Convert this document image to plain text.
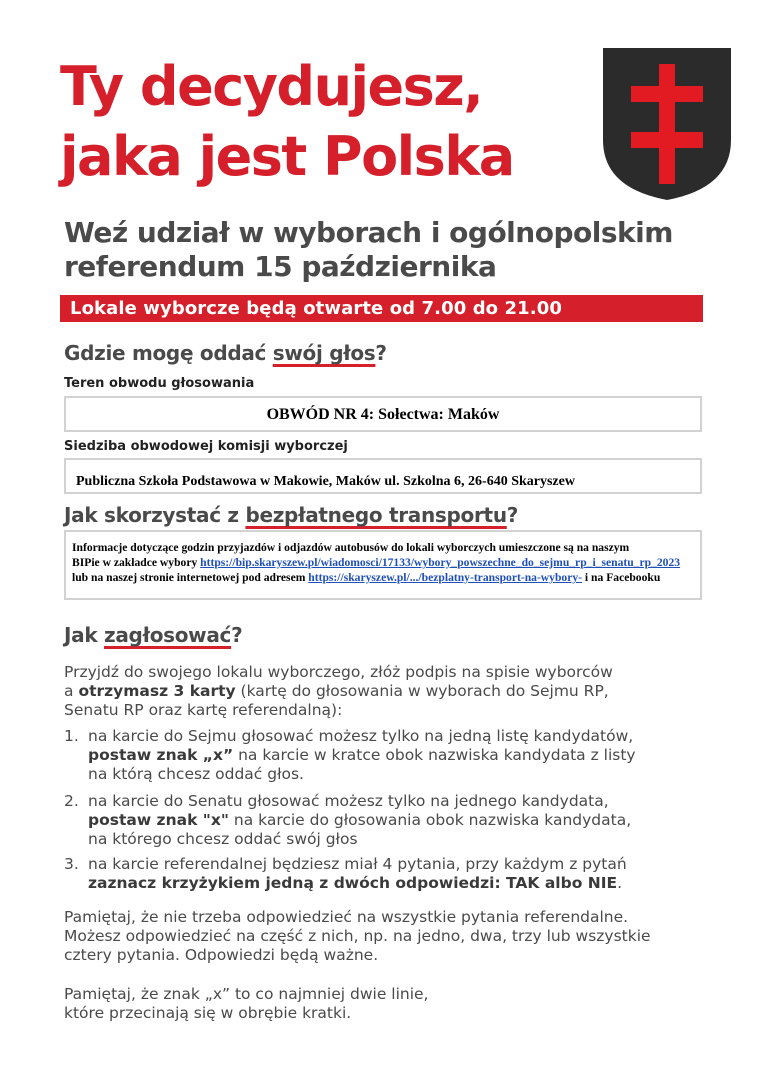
Ty decydujesz,
jaka jest Polska
Weź udział w wyborach i ogólnopolskim
referendum 15 października
Lokale wyborcze będą otwarte od 7.00 do 21.00
Gdzie mogę oddać swój głos?
Teren obwodu głosowania
OBWÓD NR 4: Sołectwa: Maków
Siedziba obwodowej komisji wyborczej
Publiczna Szkoła Podstawowa w Makowie, Maków ul. Szkolna 6, 26-640 Skaryszew
Jak skorzystać z bezpłatnego transportu?
Informacje dotyczące godzin przyjazdów i odjazdów autobusów do lokali wyborczych umieszczone są na naszym
BIPie w zakładce wybory https://bip.skaryszew.pl/wiadomosci/17133/wybory_powszechne_do_sejmu_rp_i_senatu_rp_2023
lub na naszej stronie internetowej pod adresem https://skaryszew.pl/.../bezplatny-transport-na-wybory- i na Facebooku
Jak zagłosować?
Przyjdź do swojego lokalu wyborczego, złóż podpis na spisie wyborców
a otrzymasz 3 karty (kartę do głosowania w wyborach do Sejmu RP,
Senatu RP oraz kartę referendalną):
1. na karcie do Sejmu głosować możesz tylko na jedną listę kandydatów,
postaw znak „x” na karcie w kratce obok nazwiska kandydata z listy
na którą chcesz oddać głos.
2. na karcie do Senatu głosować możesz tylko na jednego kandydata,
postaw znak "x" na karcie do głosowania obok nazwiska kandydata,
na którego chcesz oddać swój głos
3. na karcie referendalnej będziesz miał 4 pytania, przy każdym z pytań
zaznacz krzyżykiem jedną z dwóch odpowiedzi: TAK albo NIE.
Pamiętaj, że nie trzeba odpowiedzieć na wszystkie pytania referendalne.
Możesz odpowiedzieć na część z nich, np. na jedno, dwa, trzy lub wszystkie
cztery pytania. Odpowiedzi będą ważne.
Pamiętaj, że znak „x” to co najmniej dwie linie,
które przecinają się w obrębie kratki.
